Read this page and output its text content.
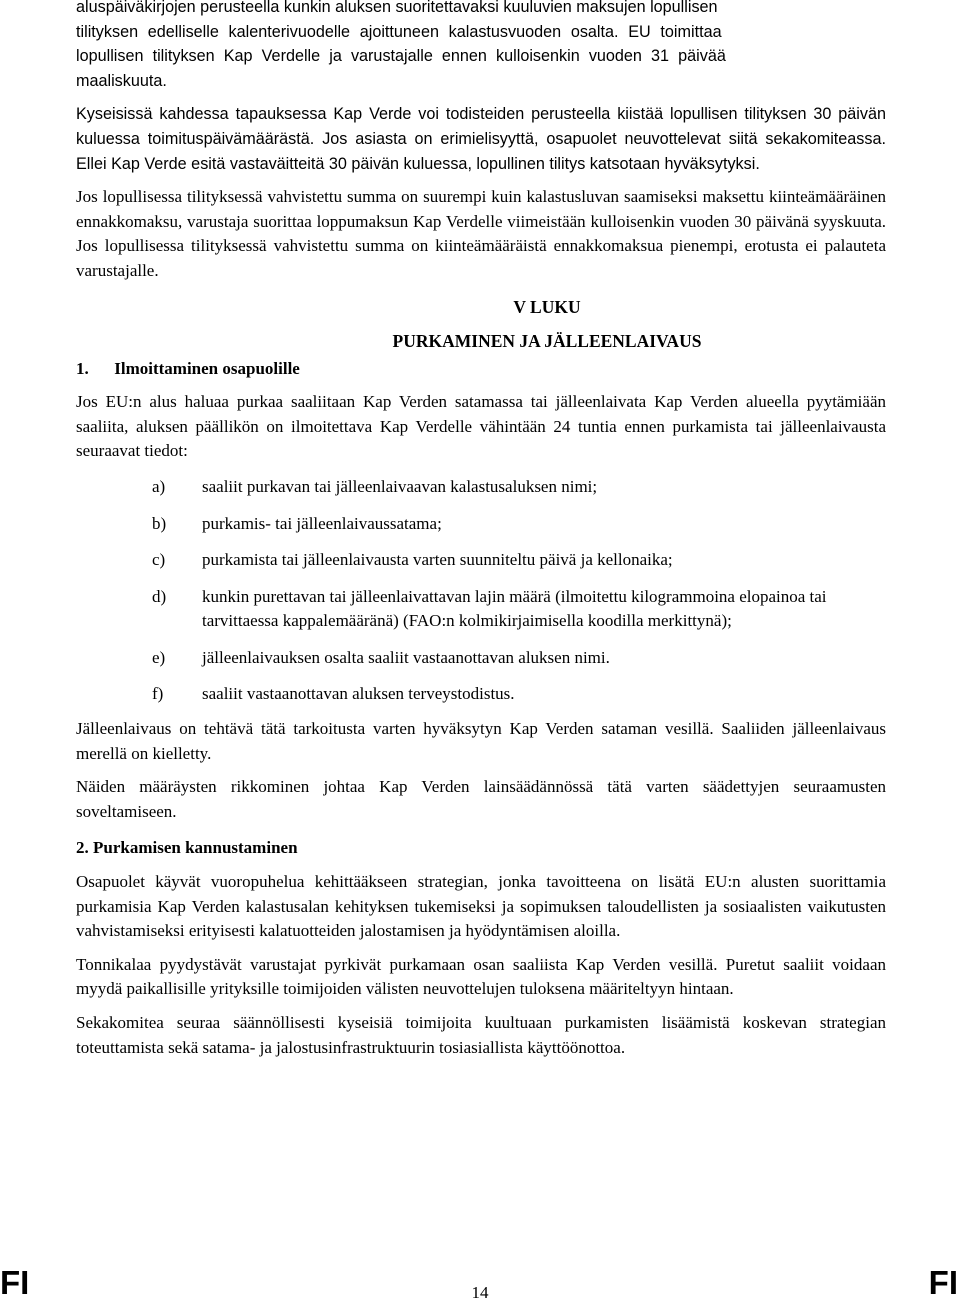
aluspäiväkirjojen perusteella kunkin aluksen suoritettavaksi kuuluvien maksujen lopullisen
tilityksen edelliselle kalenterivuodelle ajoittuneen kalastusvuoden osalta. EU toimittaa
lopullisen tilityksen Kap Verdelle ja varustajalle ennen kulloisenkin vuoden 31 päivää
maaliskuuta.

Kyseisissä kahdessa tapauksessa Kap Verde voi todisteiden perusteella kiistää lopullisen tilityksen 30 päivän kuluessa toimituspäivämäärästä. Jos asiasta on erimielisyyttä, osapuolet neuvottelevat siitä sekakomiteassa. Ellei Kap Verde esitä vastaväitteitä 30 päivän kuluessa, lopullinen tilitys katsotaan hyväksytyksi.

Jos lopullisessa tilityksessä vahvistettu summa on suurempi kuin kalastusluvan saamiseksi maksettu kiinteämääräinen ennakkomaksu, varustaja suorittaa loppumaksun Kap Verdelle viimeistään kulloisenkin vuoden 30 päivänä syyskuuta. Jos lopullisessa tilityksessä vahvistettu summa on kiinteämääräistä ennakkomaksua pienempi, erotusta ei palauteta varustajalle.

V LUKU

PURKAMINEN JA JÄLLEENLAIVAUS

1. Ilmoittaminen osapuolille

Jos EU:n alus haluaa purkaa saaliitaan Kap Verden satamassa tai jälleenlaivata Kap Verden alueella pyytämiään saaliita, aluksen päällikön on ilmoitettava Kap Verdelle vähintään 24 tuntia ennen purkamista tai jälleenlaivausta seuraavat tiedot:

a) saaliit purkavan tai jälleenlaivaavan kalastusaluksen nimi;

b) purkamis- tai jälleenlaivaussatama;

c) purkamista tai jälleenlaivausta varten suunniteltu päivä ja kellonaika;

d) kunkin purettavan tai jälleenlaivattavan lajin määrä (ilmoitettu kilogrammoina elopainoa tai tarvittaessa kappalemääränä) (FAO:n kolmikirjaimisella koodilla merkittynä);

e) jälleenlaivauksen osalta saaliit vastaanottavan aluksen nimi.

f) saaliit vastaanottavan aluksen terveystodistus.

Jälleenlaivaus on tehtävä tätä tarkoitusta varten hyväksytyn Kap Verden sataman vesillä. Saaliiden jälleenlaivaus merellä on kielletty.

Näiden määräysten rikkominen johtaa Kap Verden lainsäädännössä tätä varten säädettyjen seuraamusten soveltamiseen.

2. Purkamisen kannustaminen

Osapuolet käyvät vuoropuhelua kehittääkseen strategian, jonka tavoitteena on lisätä EU:n alusten suorittamia purkamisia Kap Verden kalastusalan kehityksen tukemiseksi ja sopimuksen taloudellisten ja sosiaalisten vaikutusten vahvistamiseksi erityisesti kalatuotteiden jalostamisen ja hyödyntämisen aloilla.

Tonnikalaa pyydystävät varustajat pyrkivät purkamaan osan saaliista Kap Verden vesillä. Puretut saaliit voidaan myydä paikallisille yrityksille toimijoiden välisten neuvottelujen tuloksena määriteltyyn hintaan.

Sekakomitea seuraa säännöllisesti kyseisiä toimijoita kuultuaan purkamisten lisäämistä koskevan strategian toteuttamista sekä satama- ja jalostusinfrastruktuurin tosiasiallista käyttöönottoa.

FI	14	FI
